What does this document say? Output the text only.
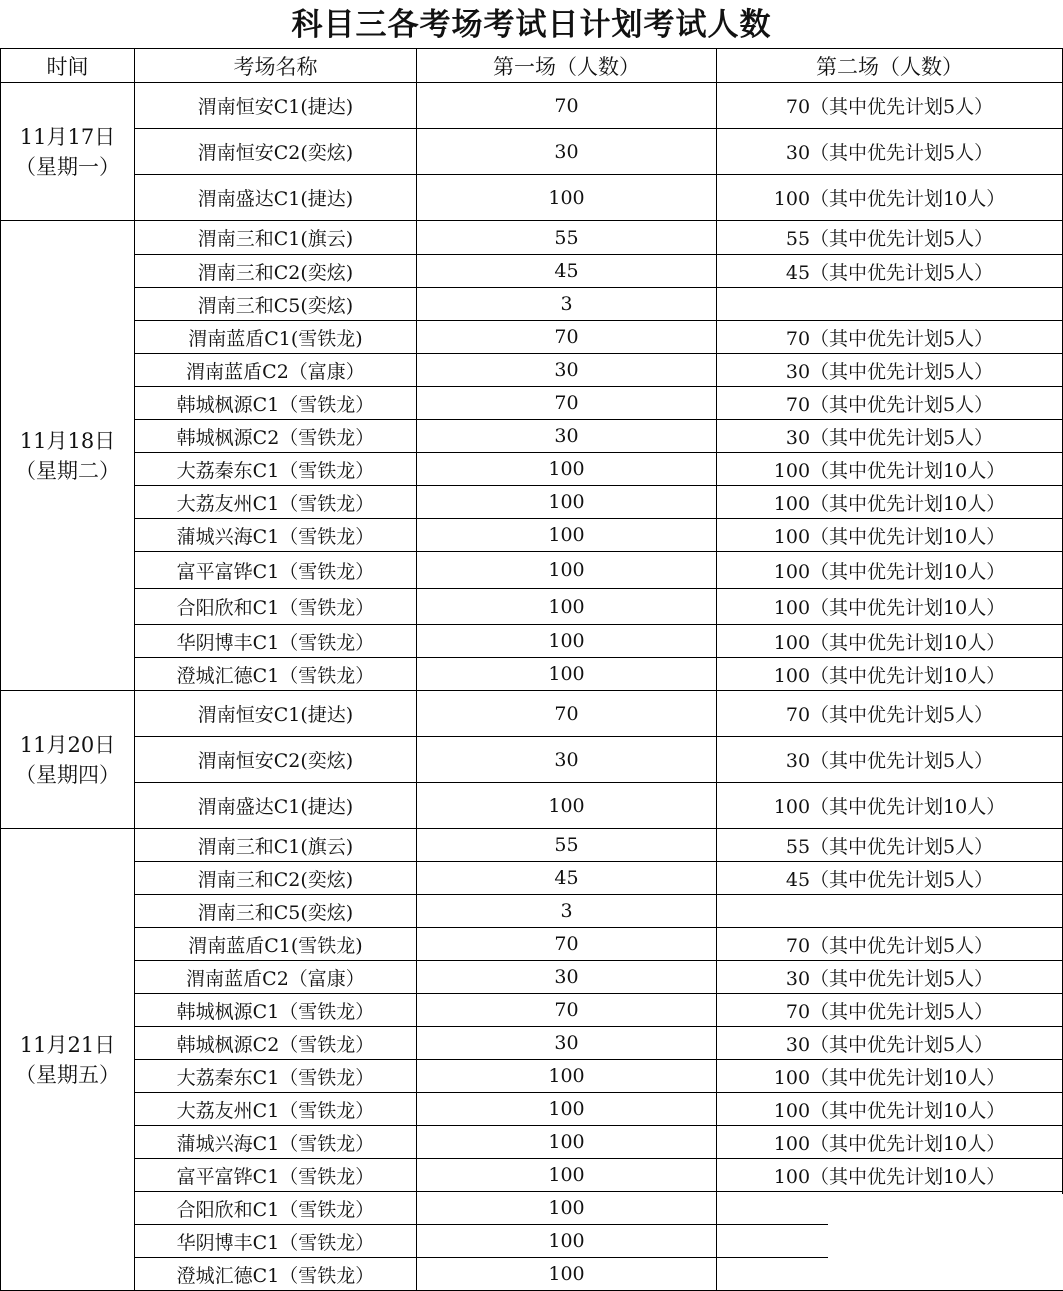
科目三各考场考试日计划考试人数
时间	考场名称	第一场（人数）	第二场（人数）

11月17日
（星期一）	渭南恒安C1(捷达)	70	70（其中优先计划5人）
	渭南恒安C2(奕炫)	30	30（其中优先计划5人）
	渭南盛达C1(捷达)	100	100（其中优先计划10人）

11月18日
（星期二）	渭南三和C1(旗云)	55	55（其中优先计划5人）
	渭南三和C2(奕炫)	45	45（其中优先计划5人）
	渭南三和C5(奕炫)	3	
	渭南蓝盾C1(雪铁龙)	70	70（其中优先计划5人）
	渭南蓝盾C2（富康）	30	30（其中优先计划5人）
	韩城枫源C1（雪铁龙）	70	70（其中优先计划5人）
	韩城枫源C2（雪铁龙）	30	30（其中优先计划5人）
	大荔秦东C1（雪铁龙）	100	100（其中优先计划10人）
	大荔友州C1（雪铁龙）	100	100（其中优先计划10人）
	蒲城兴海C1（雪铁龙）	100	100（其中优先计划10人）
	富平富铧C1（雪铁龙）	100	100（其中优先计划10人）
	合阳欣和C1（雪铁龙）	100	100（其中优先计划10人）
	华阴博丰C1（雪铁龙）	100	100（其中优先计划10人）
	澄城汇德C1（雪铁龙）	100	100（其中优先计划10人）

11月20日
（星期四）	渭南恒安C1(捷达)	70	70（其中优先计划5人）
	渭南恒安C2(奕炫)	30	30（其中优先计划5人）
	渭南盛达C1(捷达)	100	100（其中优先计划10人）

11月21日
（星期五）	渭南三和C1(旗云)	55	55（其中优先计划5人）
	渭南三和C2(奕炫)	45	45（其中优先计划5人）
	渭南三和C5(奕炫)	3	
	渭南蓝盾C1(雪铁龙)	70	70（其中优先计划5人）
	渭南蓝盾C2（富康）	30	30（其中优先计划5人）
	韩城枫源C1（雪铁龙）	70	70（其中优先计划5人）
	韩城枫源C2（雪铁龙）	30	30（其中优先计划5人）
	大荔秦东C1（雪铁龙）	100	100（其中优先计划10人）
	大荔友州C1（雪铁龙）	100	100（其中优先计划10人）
	蒲城兴海C1（雪铁龙）	100	100（其中优先计划10人）
	富平富铧C1（雪铁龙）	100	100（其中优先计划10人）
	合阳欣和C1（雪铁龙）	100	
	华阴博丰C1（雪铁龙）	100	
	澄城汇德C1（雪铁龙）	100	
